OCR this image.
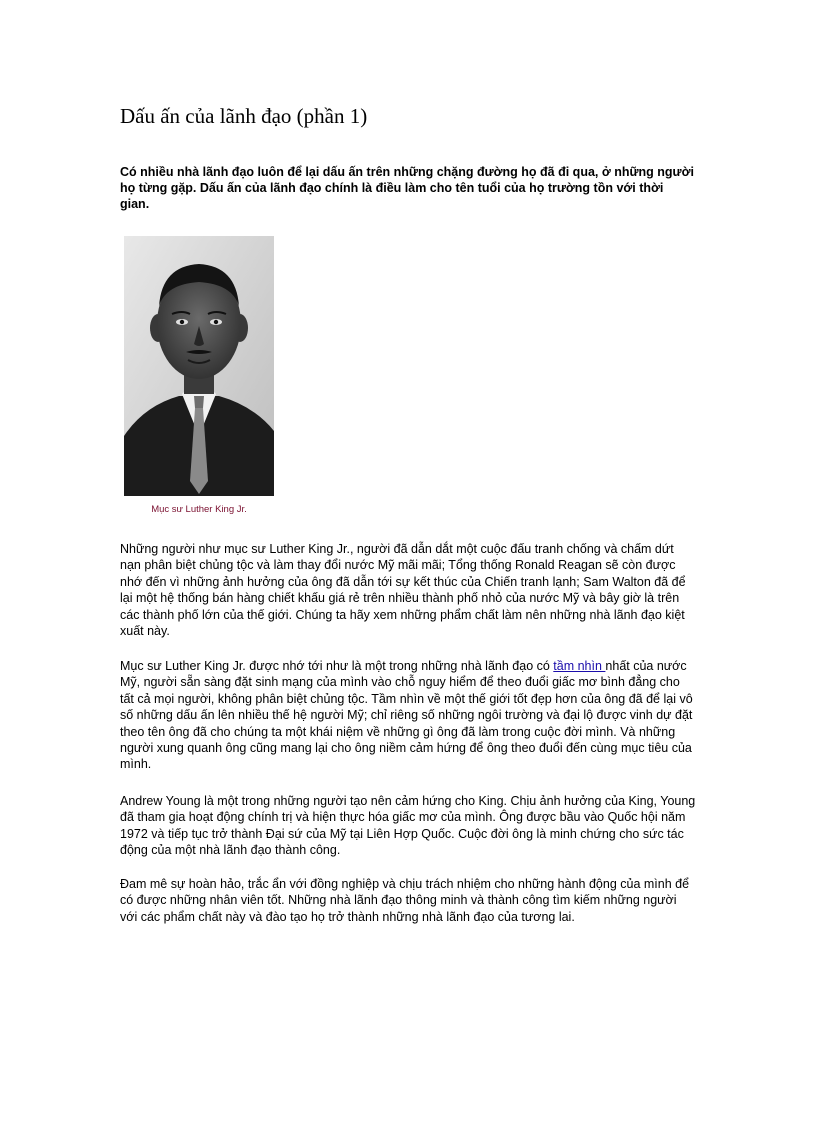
Dấu ấn của lãnh đạo (phần 1)

Có nhiều nhà lãnh đạo luôn để lại dấu ấn trên những chặng đường họ đã đi qua, ở những người họ từng gặp. Dấu ấn của lãnh đạo chính là điều làm cho tên tuổi của họ trường tồn với thời gian.

Mục sư Luther King Jr.

Những người như mục sư Luther King Jr., người đã dẫn dắt một cuộc đấu tranh chống và chấm dứt nạn phân biệt chủng tộc và làm thay đổi nước Mỹ mãi mãi; Tổng thống Ronald Reagan sẽ còn được nhớ đến vì những ảnh hưởng của ông đã dẫn tới sự kết thúc của Chiến tranh lạnh; Sam Walton đã để lại một hệ thống bán hàng chiết khấu giá rẻ trên nhiều thành phố nhỏ của nước Mỹ và bây giờ là trên các thành phố lớn của thế giới. Chúng ta hãy xem những phẩm chất làm nên những nhà lãnh đạo kiệt xuất này.

Mục sư Luther King Jr. được nhớ tới như là một trong những nhà lãnh đạo có tầm nhìn nhất của nước Mỹ, người sẵn sàng đặt sinh mạng của mình vào chỗ nguy hiểm để theo đuổi giấc mơ bình đẳng cho tất cả mọi người, không phân biệt chủng tộc. Tầm nhìn về một thế giới tốt đẹp hơn của ông đã để lại vô số những dấu ấn lên nhiều thế hệ người Mỹ; chỉ riêng số những ngôi trường và đại lộ được vinh dự đặt theo tên ông đã cho chúng ta một khái niệm về những gì ông đã làm trong cuộc đời mình. Và những người xung quanh ông cũng mang lại cho ông niềm cảm hứng để ông theo đuổi đến cùng mục tiêu của mình.

Andrew Young là một trong những người tạo nên cảm hứng cho King. Chịu ảnh hưởng của King, Young đã tham gia hoạt động chính trị và hiện thực hóa giấc mơ của mình. Ông được bầu vào Quốc hội năm 1972 và tiếp tục trở thành Đại sứ của Mỹ tại Liên Hợp Quốc. Cuộc đời ông là minh chứng cho sức tác động của một nhà lãnh đạo thành công.

Đam mê sự hoàn hảo, trắc ẩn với đồng nghiệp và chịu trách nhiệm cho những hành động của mình để có được những nhân viên tốt. Những nhà lãnh đạo thông minh và thành công tìm kiếm những người với các phẩm chất này và đào tạo họ trở thành những nhà lãnh đạo của tương lai.
